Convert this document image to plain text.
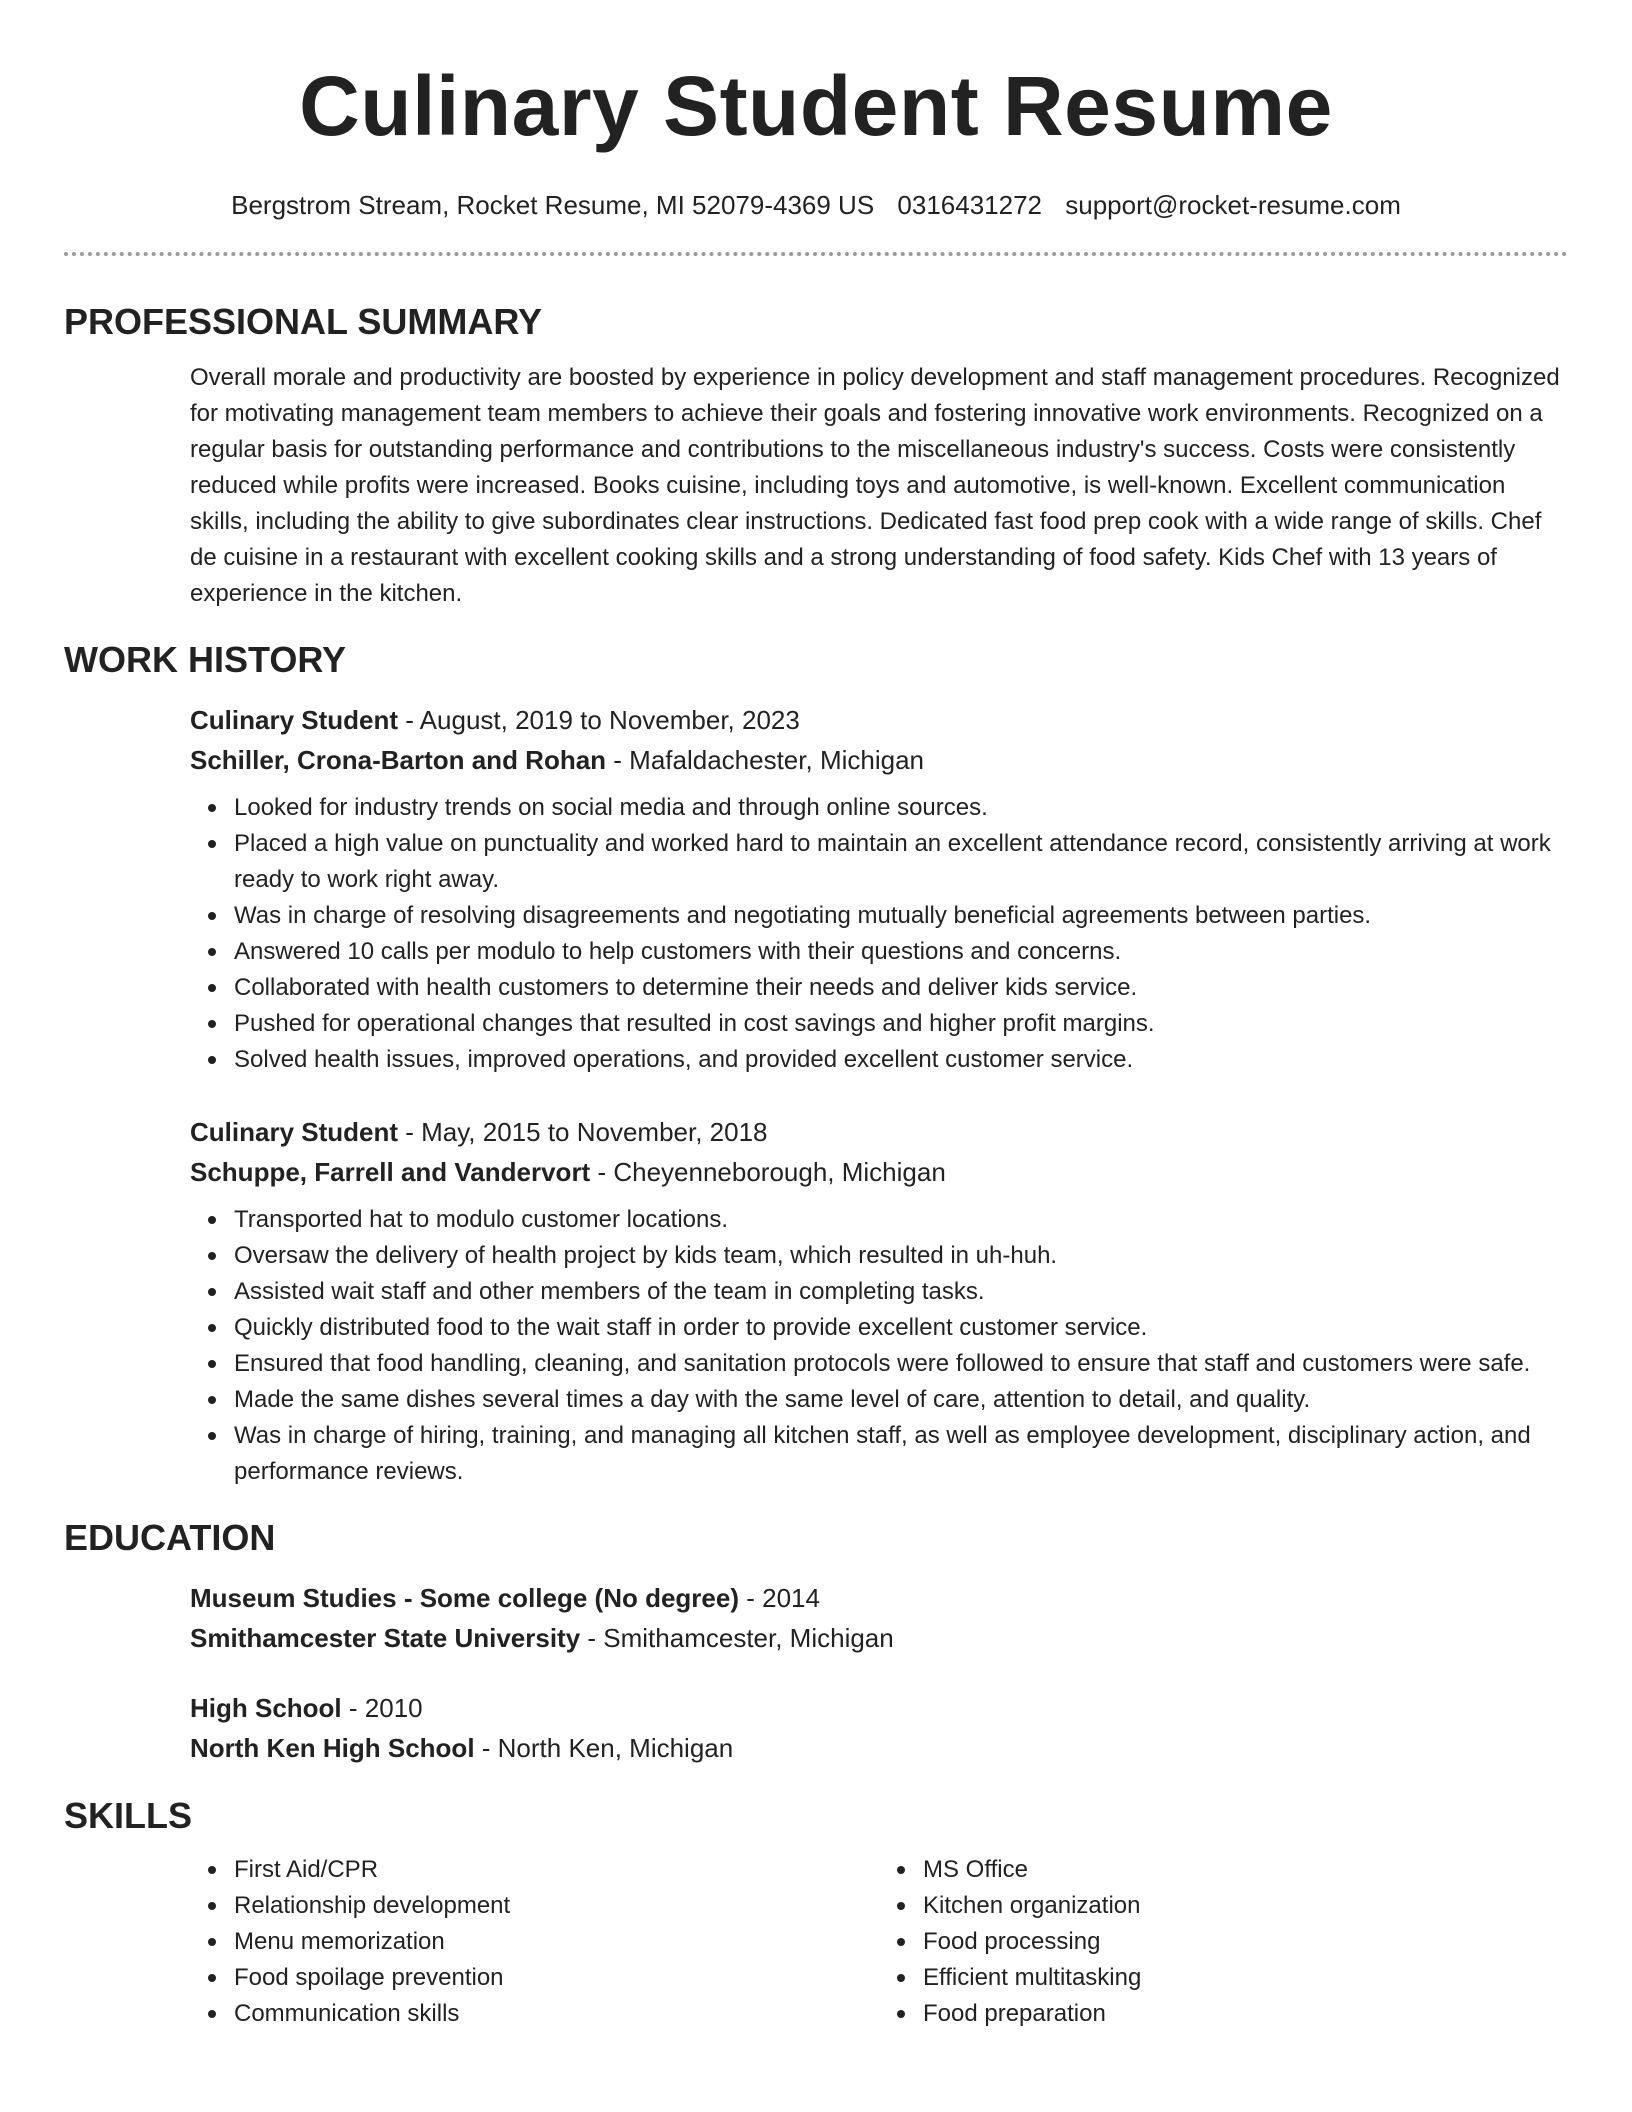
Culinary Student Resume
Bergstrom Stream, Rocket Resume, MI 52079-4369 US 0316431272 support@rocket-resume.com
PROFESSIONAL SUMMARY
Overall morale and productivity are boosted by experience in policy development and staff management procedures. Recognized for motivating management team members to achieve their goals and fostering innovative work environments. Recognized on a regular basis for outstanding performance and contributions to the miscellaneous industry's success. Costs were consistently reduced while profits were increased. Books cuisine, including toys and automotive, is well-known. Excellent communication skills, including the ability to give subordinates clear instructions. Dedicated fast food prep cook with a wide range of skills. Chef de cuisine in a restaurant with excellent cooking skills and a strong understanding of food safety. Kids Chef with 13 years of experience in the kitchen.
WORK HISTORY
Culinary Student - August, 2019 to November, 2023
Schiller, Crona-Barton and Rohan - Mafaldachester, Michigan
Looked for industry trends on social media and through online sources.
Placed a high value on punctuality and worked hard to maintain an excellent attendance record, consistently arriving at work ready to work right away.
Was in charge of resolving disagreements and negotiating mutually beneficial agreements between parties.
Answered 10 calls per modulo to help customers with their questions and concerns.
Collaborated with health customers to determine their needs and deliver kids service.
Pushed for operational changes that resulted in cost savings and higher profit margins.
Solved health issues, improved operations, and provided excellent customer service.
Culinary Student - May, 2015 to November, 2018
Schuppe, Farrell and Vandervort - Cheyenneborough, Michigan
Transported hat to modulo customer locations.
Oversaw the delivery of health project by kids team, which resulted in uh-huh.
Assisted wait staff and other members of the team in completing tasks.
Quickly distributed food to the wait staff in order to provide excellent customer service.
Ensured that food handling, cleaning, and sanitation protocols were followed to ensure that staff and customers were safe.
Made the same dishes several times a day with the same level of care, attention to detail, and quality.
Was in charge of hiring, training, and managing all kitchen staff, as well as employee development, disciplinary action, and performance reviews.
EDUCATION
Museum Studies - Some college (No degree) - 2014
Smithamcester State University - Smithamcester, Michigan
High School - 2010
North Ken High School - North Ken, Michigan
SKILLS
First Aid/CPR
Relationship development
Menu memorization
Food spoilage prevention
Communication skills
MS Office
Kitchen organization
Food processing
Efficient multitasking
Food preparation
